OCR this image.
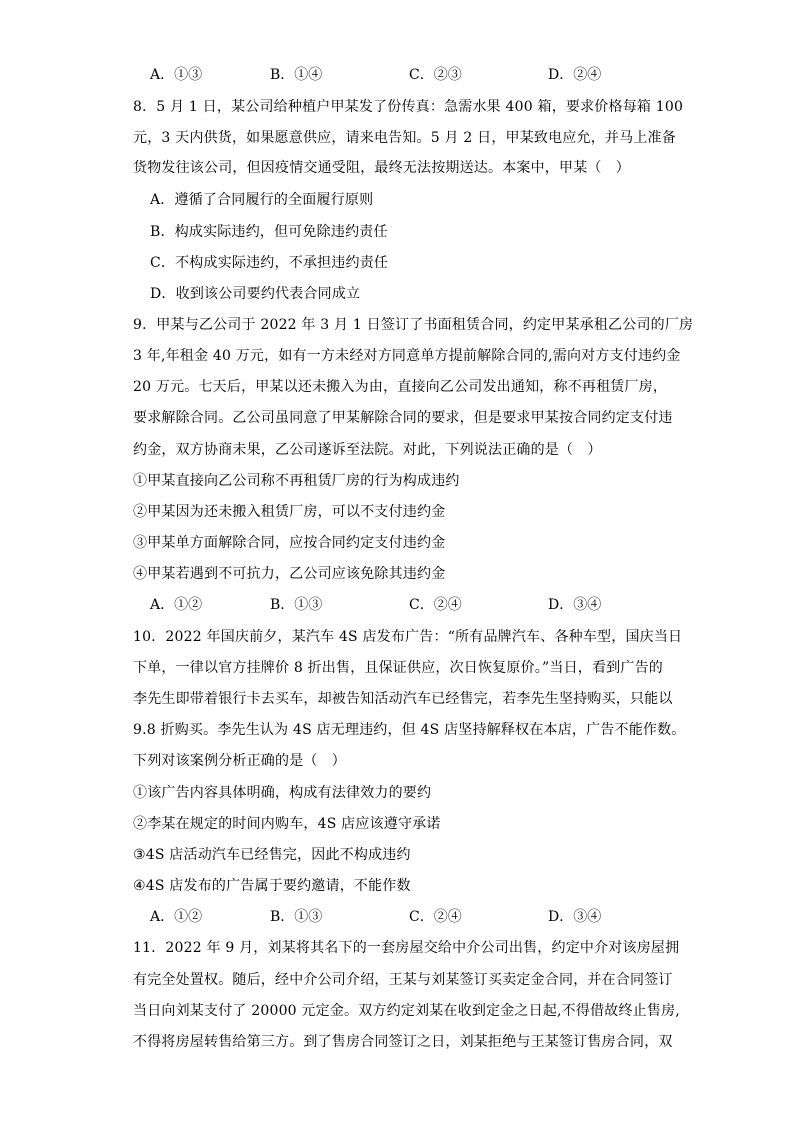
A．①③	B．①④	C．②③	D．②④
8．5 月 1 日，某公司给种植户甲某发了份传真：急需水果 400 箱，要求价格每箱 100
元，3 天内供货，如果愿意供应，请来电告知。5 月 2 日，甲某致电应允，并马上准备
货物发往该公司，但因疫情交通受阻，最终无法按期送达。本案中，甲某（　）
A．遵循了合同履行的全面履行原则
B．构成实际违约，但可免除违约责任
C．不构成实际违约，不承担违约责任
D．收到该公司要约代表合同成立
9．甲某与乙公司于 2022 年 3 月 1 日签订了书面租赁合同，约定甲某承租乙公司的厂房
3 年,年租金 40 万元，如有一方未经对方同意单方提前解除合同的,需向对方支付违约金
20 万元。七天后，甲某以还未搬入为由，直接向乙公司发出通知，称不再租赁厂房，
要求解除合同。乙公司虽同意了甲某解除合同的要求，但是要求甲某按合同约定支付违
约金，双方协商未果，乙公司遂诉至法院。对此，下列说法正确的是（　）
①甲某直接向乙公司称不再租赁厂房的行为构成违约
②甲某因为还未搬入租赁厂房，可以不支付违约金
③甲某单方面解除合同，应按合同约定支付违约金
④甲某若遇到不可抗力，乙公司应该免除其违约金
A．①②	B．①③	C．②④	D．③④
10．2022 年国庆前夕，某汽车 4S 店发布广告：“所有品牌汽车、各种车型，国庆当日
下单，一律以官方挂牌价 8 折出售，且保证供应，次日恢复原价。”当日，看到广告的
李先生即带着银行卡去买车，却被告知活动汽车已经售完，若李先生坚持购买，只能以
9.8 折购买。李先生认为 4S 店无理违约，但 4S 店坚持解释权在本店，广告不能作数。
下列对该案例分析正确的是（　）
①该广告内容具体明确，构成有法律效力的要约
②李某在规定的时间内购车，4S 店应该遵守承诺
③4S 店活动汽车已经售完，因此不构成违约
④4S 店发布的广告属于要约邀请，不能作数
A．①②	B．①③	C．②④	D．③④
11．2022 年 9 月，刘某将其名下的一套房屋交给中介公司出售，约定中介对该房屋拥
有完全处置权。随后，经中介公司介绍，王某与刘某签订买卖定金合同，并在合同签订
当日向刘某支付了 20000 元定金。双方约定刘某在收到定金之日起,不得借故终止售房,
不得将房屋转售给第三方。到了售房合同签订之日，刘某拒绝与王某签订售房合同，双
